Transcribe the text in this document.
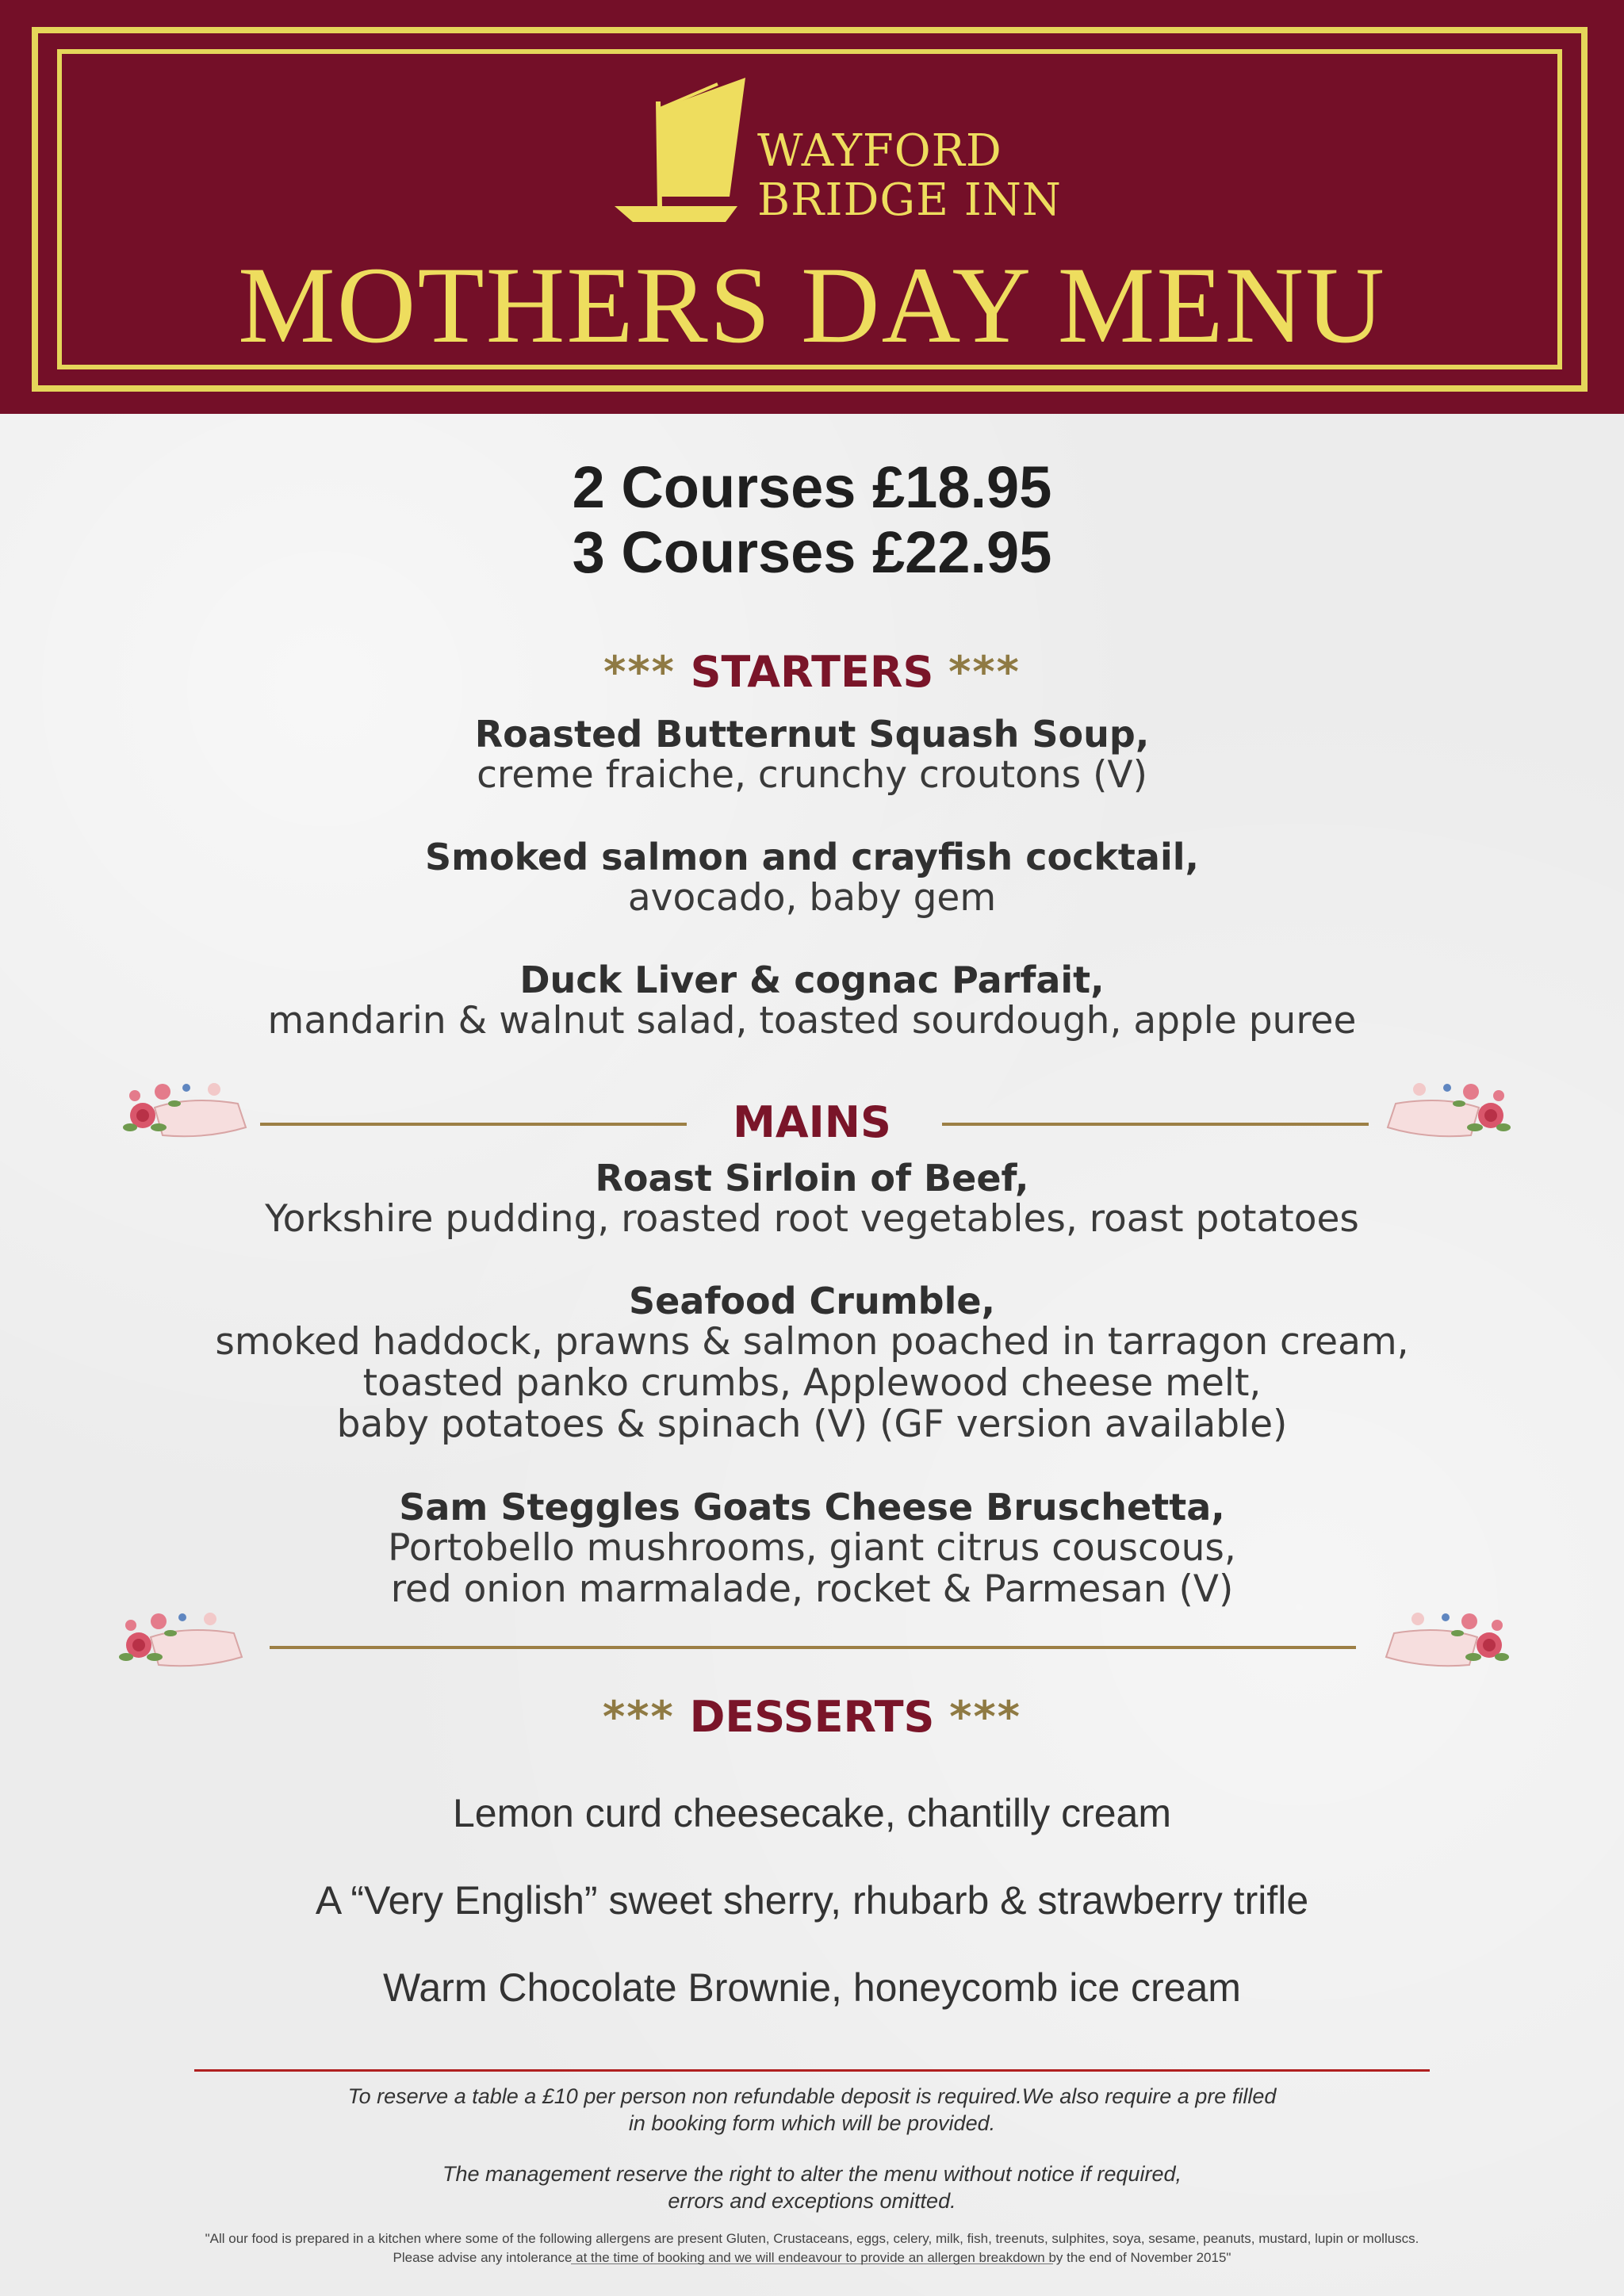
WAYFORD
BRIDGE INN
MOTHERS DAY MENU
2 Courses £18.95
3 Courses £22.95
*** STARTERS ***
Roasted Butternut Squash Soup,
creme fraiche, crunchy croutons (V)
Smoked salmon and crayfish cocktail,
avocado, baby gem
Duck Liver & cognac Parfait,
mandarin & walnut salad, toasted sourdough, apple puree
MAINS
Roast Sirloin of Beef,
Yorkshire pudding, roasted root vegetables, roast potatoes
Seafood Crumble,
smoked haddock, prawns & salmon poached in tarragon cream,
toasted panko crumbs, Applewood cheese melt,
baby potatoes & spinach (V) (GF version available)
Sam Steggles Goats Cheese Bruschetta,
Portobello mushrooms, giant citrus couscous,
red onion marmalade, rocket & Parmesan (V)
*** DESSERTS ***
Lemon curd cheesecake, chantilly cream
A “Very English” sweet sherry, rhubarb & strawberry trifle
Warm Chocolate Brownie, honeycomb ice cream
To reserve a table a £10 per person non refundable deposit is required.We also require a pre filled
in booking form which will be provided.
The management reserve the right to alter the menu without notice if required,
errors and exceptions omitted.
"All our food is prepared in a kitchen where some of the following allergens are present Gluten, Crustaceans, eggs, celery, milk, fish, treenuts, sulphites, soya, sesame, peanuts, mustard, lupin or molluscs.
Please advise any intolerance at the time of booking and we will endeavour to provide an allergen breakdown by the end of November 2015"
